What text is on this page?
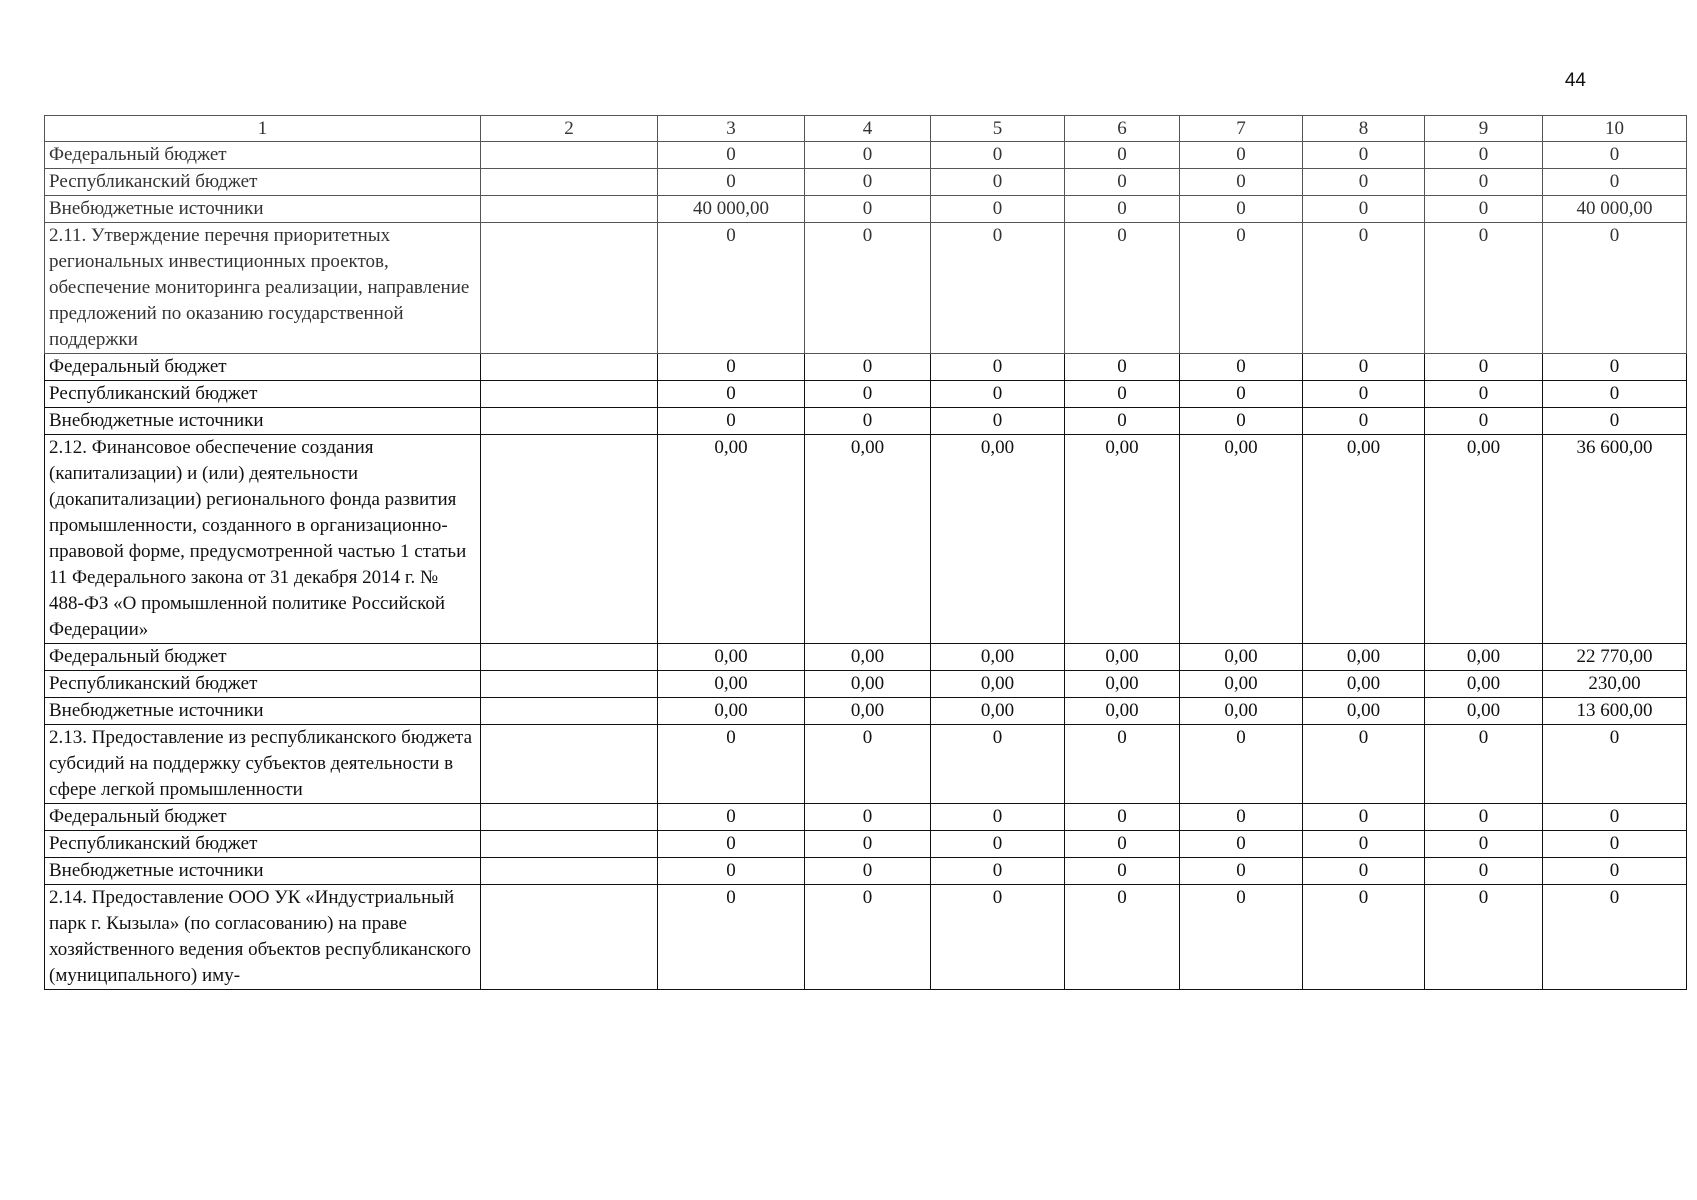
44
1	2	3	4	5	6	7	8	9	10
Федеральный бюджет		0	0	0	0	0	0	0	0
Республиканский бюджет		0	0	0	0	0	0	0	0
Внебюджетные источники		40 000,00	0	0	0	0	0	0	40 000,00
2.11. Утверждение перечня приоритетных региональных инвестиционных проектов, обеспечение мониторинга реализации, направление предложений по оказанию государственной поддержки		0	0	0	0	0	0	0	0
Федеральный бюджет		0	0	0	0	0	0	0	0
Республиканский бюджет		0	0	0	0	0	0	0	0
Внебюджетные источники		0	0	0	0	0	0	0	0
2.12. Финансовое обеспечение создания (капитализации) и (или) деятельности (докапитализации) регионального фонда развития промышленности, созданного в организационно-правовой форме, предусмотренной частью 1 статьи 11 Федерального закона от 31 декабря 2014 г. № 488-ФЗ «О промышленной политике Российской Федерации»		0,00	0,00	0,00	0,00	0,00	0,00	0,00	36 600,00
Федеральный бюджет		0,00	0,00	0,00	0,00	0,00	0,00	0,00	22 770,00
Республиканский бюджет		0,00	0,00	0,00	0,00	0,00	0,00	0,00	230,00
Внебюджетные источники		0,00	0,00	0,00	0,00	0,00	0,00	0,00	13 600,00
2.13. Предоставление из республиканского бюджета субсидий на поддержку субъектов деятельности в сфере легкой промышленности		0	0	0	0	0	0	0	0
Федеральный бюджет		0	0	0	0	0	0	0	0
Республиканский бюджет		0	0	0	0	0	0	0	0
Внебюджетные источники		0	0	0	0	0	0	0	0
2.14. Предоставление ООО УК «Индустриальный парк г. Кызыла» (по согласованию) на праве хозяйственного ведения объектов республиканского (муниципального) иму-		0	0	0	0	0	0	0	0
